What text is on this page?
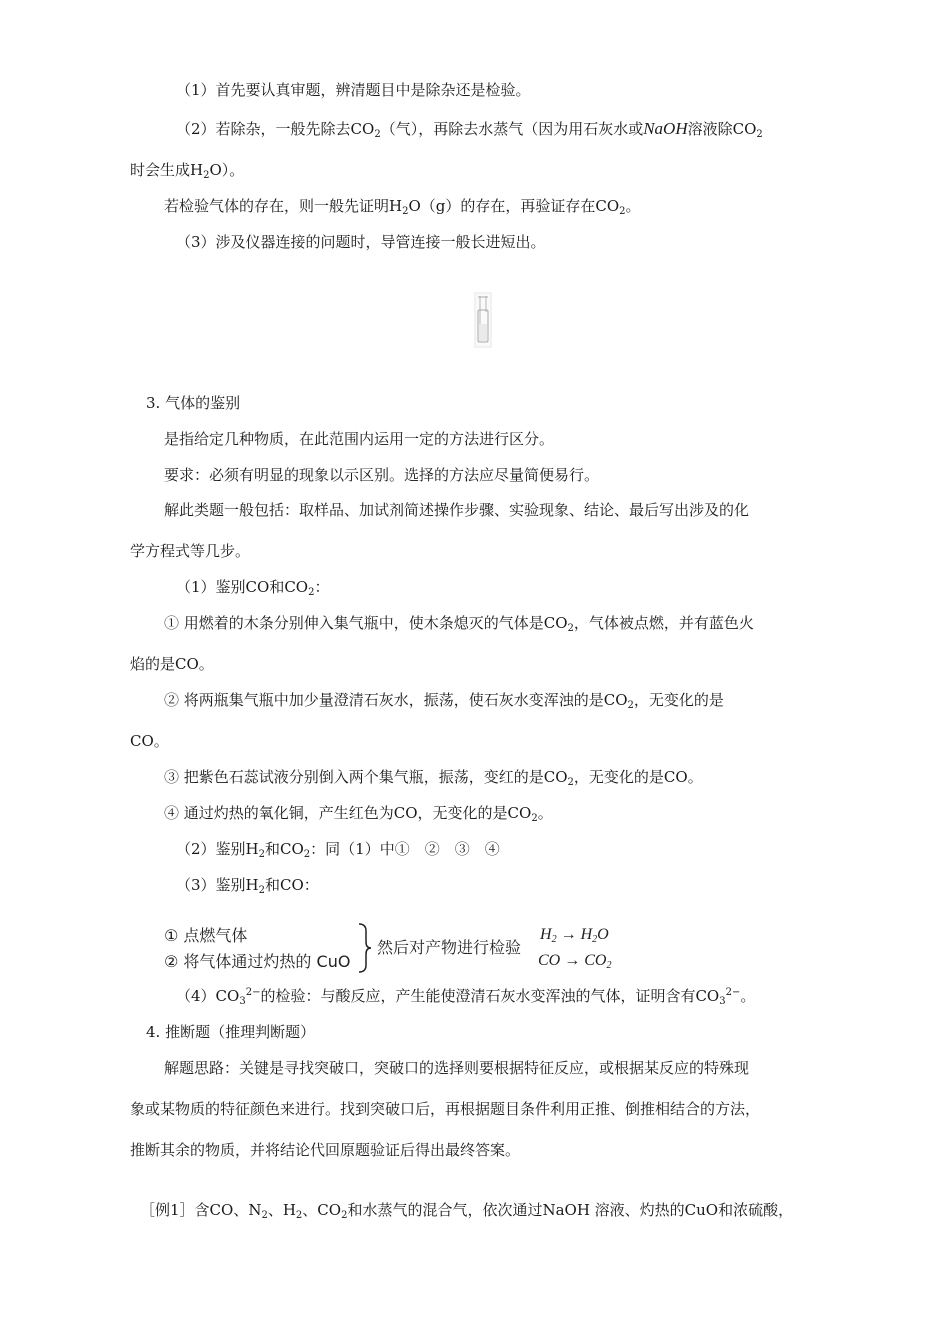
（1）首先要认真审题，辨清题目中是除杂还是检验。
（2）若除杂，一般先除去$CO_2$（气），再除去水蒸气（因为用石灰水或NaOH溶液除$CO_2$
时会生成$H_2O$）。
若检验气体的存在，则一般先证明$H_2O(g)$的存在，再验证存在$CO_2$。
（3）涉及仪器连接的问题时，导管连接一般长进短出。
3. 气体的鉴别
是指给定几种物质，在此范围内运用一定的方法进行区分。
要求：必须有明显的现象以示区别。选择的方法应尽量简便易行。
解此类题一般包括：取样品、加试剂简述操作步骤、实验现象、结论、最后写出涉及的化
学方程式等几步。
（1）鉴别CO和$CO_2$：
① 用燃着的木条分别伸入集气瓶中，使木条熄灭的气体是$CO_2$，气体被点燃，并有蓝色火
焰的是CO。
② 将两瓶集气瓶中加少量澄清石灰水，振荡，使石灰水变浑浊的是$CO_2$，无变化的是
CO。
③ 把紫色石蕊试液分别倒入两个集气瓶，振荡，变红的是$CO_2$，无变化的是CO。
④ 通过灼热的氧化铜，产生红色为CO，无变化的是$CO_2$。
（2）鉴别$H_2$和$CO_2$：同（1）中①　②　③　④
（3）鉴别$H_2$和CO：
① 点燃气体
② 将气体通过灼热的 CuO
然后对产物进行检验
$H_2 \to H_2O$
CO → $CO_2$
$(4)CO_3^{2-}$的检验：与酸反应，产生能使澄清石灰水变浑浊的气体，证明含有$CO_3^{2-}$。
4. 推断题（推理判断题）
解题思路：关键是寻找突破口，突破口的选择则要根据特征反应，或根据某反应的特殊现
象或某物质的特征颜色来进行。找到突破口后，再根据题目条件利用正推、倒推相结合的方法，
推断其余的物质，并将结论代回原题验证后得出最终答案。
［例1］含CO、$N_2$、$H_2$、$CO_2$和水蒸气的混合气，依次通过NaOH 溶液、灼热的CuO和浓硫酸，
